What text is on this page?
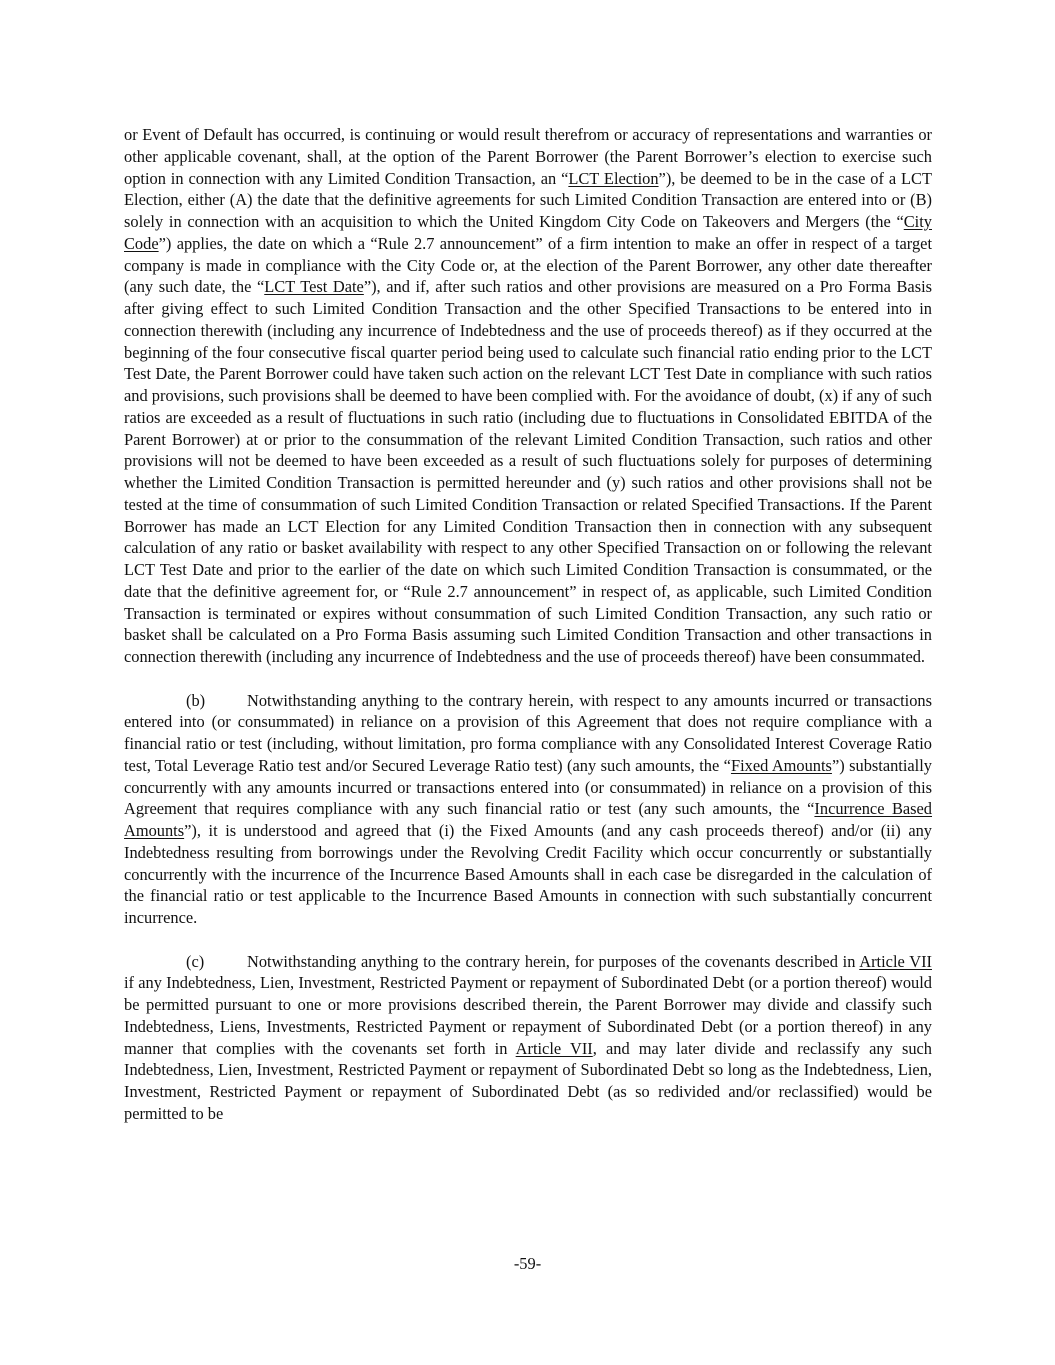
or Event of Default has occurred, is continuing or would result therefrom or accuracy of representations and warranties or other applicable covenant, shall, at the option of the Parent Borrower (the Parent Borrower’s election to exercise such option in connection with any Limited Condition Transaction, an “LCT Election”), be deemed to be in the case of a LCT Election, either (A) the date that the definitive agreements for such Limited Condition Transaction are entered into or (B) solely in connection with an acquisition to which the United Kingdom City Code on Takeovers and Mergers (the “City Code”) applies, the date on which a “Rule 2.7 announcement” of a firm intention to make an offer in respect of a target company is made in compliance with the City Code or, at the election of the Parent Borrower, any other date thereafter (any such date, the “LCT Test Date”), and if, after such ratios and other provisions are measured on a Pro Forma Basis after giving effect to such Limited Condition Transaction and the other Specified Transactions to be entered into in connection therewith (including any incurrence of Indebtedness and the use of proceeds thereof) as if they occurred at the beginning of the four consecutive fiscal quarter period being used to calculate such financial ratio ending prior to the LCT Test Date, the Parent Borrower could have taken such action on the relevant LCT Test Date in compliance with such ratios and provisions, such provisions shall be deemed to have been complied with. For the avoidance of doubt, (x) if any of such ratios are exceeded as a result of fluctuations in such ratio (including due to fluctuations in Consolidated EBITDA of the Parent Borrower) at or prior to the consummation of the relevant Limited Condition Transaction, such ratios and other provisions will not be deemed to have been exceeded as a result of such fluctuations solely for purposes of determining whether the Limited Condition Transaction is permitted hereunder and (y) such ratios and other provisions shall not be tested at the time of consummation of such Limited Condition Transaction or related Specified Transactions. If the Parent Borrower has made an LCT Election for any Limited Condition Transaction then in connection with any subsequent calculation of any ratio or basket availability with respect to any other Specified Transaction on or following the relevant LCT Test Date and prior to the earlier of the date on which such Limited Condition Transaction is consummated, or the date that the definitive agreement for, or “Rule 2.7 announcement” in respect of, as applicable, such Limited Condition Transaction is terminated or expires without consummation of such Limited Condition Transaction, any such ratio or basket shall be calculated on a Pro Forma Basis assuming such Limited Condition Transaction and other transactions in connection therewith (including any incurrence of Indebtedness and the use of proceeds thereof) have been consummated.

(b)	Notwithstanding anything to the contrary herein, with respect to any amounts incurred or transactions entered into (or consummated) in reliance on a provision of this Agreement that does not require compliance with a financial ratio or test (including, without limitation, pro forma compliance with any Consolidated Interest Coverage Ratio test, Total Leverage Ratio test and/or Secured Leverage Ratio test) (any such amounts, the “Fixed Amounts”) substantially concurrently with any amounts incurred or transactions entered into (or consummated) in reliance on a provision of this Agreement that requires compliance with any such financial ratio or test (any such amounts, the “Incurrence Based Amounts”), it is understood and agreed that (i) the Fixed Amounts (and any cash proceeds thereof) and/or (ii) any Indebtedness resulting from borrowings under the Revolving Credit Facility which occur concurrently or substantially concurrently with the incurrence of the Incurrence Based Amounts shall in each case be disregarded in the calculation of the financial ratio or test applicable to the Incurrence Based Amounts in connection with such substantially concurrent incurrence.

(c)	Notwithstanding anything to the contrary herein, for purposes of the covenants described in Article VII if any Indebtedness, Lien, Investment, Restricted Payment or repayment of Subordinated Debt (or a portion thereof) would be permitted pursuant to one or more provisions described therein, the Parent Borrower may divide and classify such Indebtedness, Liens, Investments, Restricted Payment or repayment of Subordinated Debt (or a portion thereof) in any manner that complies with the covenants set forth in Article VII, and may later divide and reclassify any such Indebtedness, Lien, Investment, Restricted Payment or repayment of Subordinated Debt so long as the Indebtedness, Lien, Investment, Restricted Payment or repayment of Subordinated Debt (as so redivided and/or reclassified) would be permitted to be

-59-
